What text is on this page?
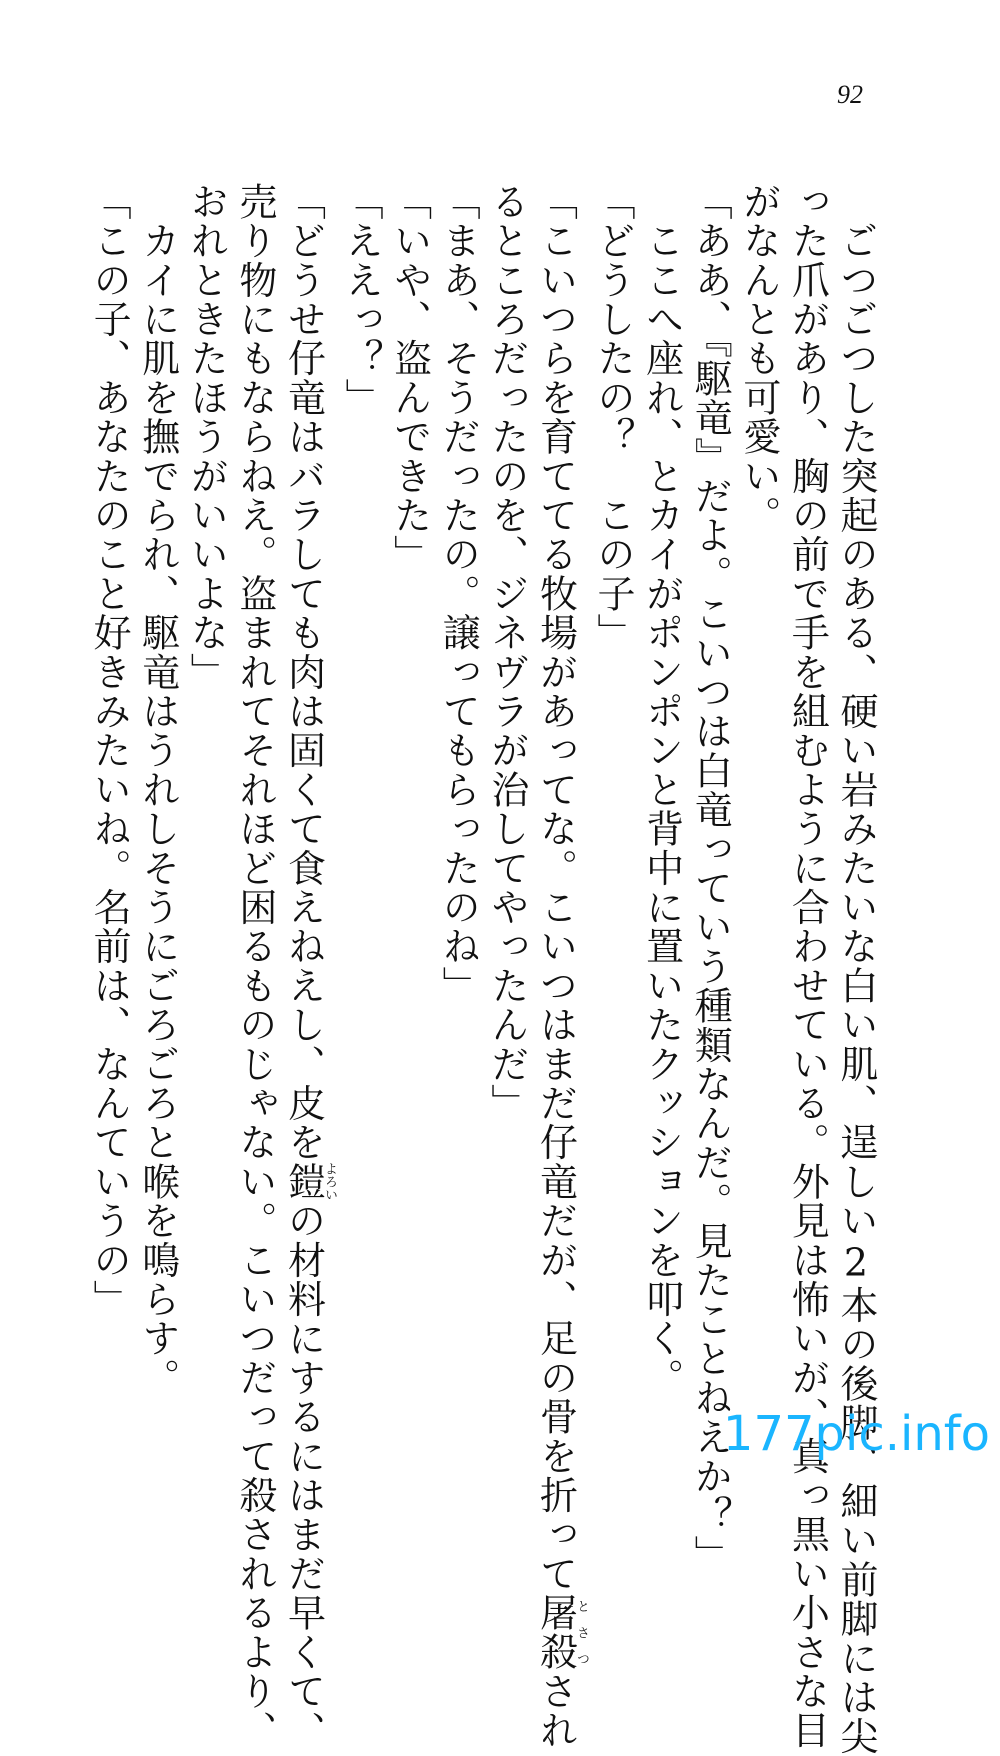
92
　ごつごつした突起のある、硬い岩みたいな白い肌、逞しい2本の後脚、細い前脚には尖
った爪があり、胸の前で手を組むように合わせている。外見は怖いが、真っ黒い小さな目
がなんとも可愛い。
「ああ、『駆竜』だよ。こいつは白竜っていう種類なんだ。見たことねえか？」
　ここへ座れ、とカイがポンポンと背中に置いたクッションを叩く。
「どうしたの？　この子」
「こいつらを育ててる牧場があってな。こいつはまだ仔竜だが、足の骨を折って屠殺とさつされ
るところだったのを、ジネヴラが治してやったんだ」
「まあ、そうだったの。譲ってもらったのね」
「いや、盗んできた」
「ええっ？」
「どうせ仔竜はバラしても肉は固くて食えねえし、皮を鎧よろいの材料にするにはまだ早くて、
売り物にもならねえ。盗まれてそれほど困るものじゃない。こいつだって殺されるより、
おれときたほうがいいよな」
　カイに肌を撫でられ、駆竜はうれしそうにごろごろと喉を鳴らす。
「この子、あなたのこと好きみたいね。名前は、なんていうの」
177pic.info
